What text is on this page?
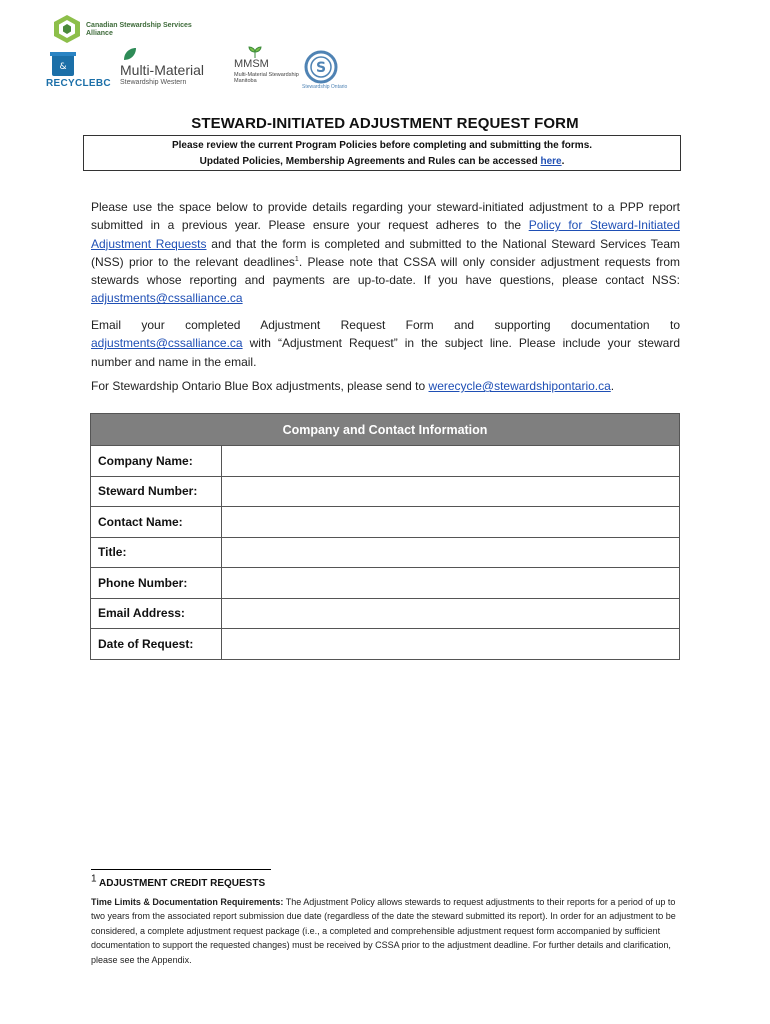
Canadian Stewardship Services Alliance
&
RECYCLEBC
Multi-Material
Stewardship Western
MMSM
Multi-Material Stewardship Manitoba
S
Stewardship Ontario
STEWARD-INITIATED ADJUSTMENT REQUEST FORM
Please review the current Program Policies before completing and submitting the forms.
Updated Policies, Membership Agreements and Rules can be accessed here.
Please use the space below to provide details regarding your steward-initiated adjustment to a PPP report submitted in a previous year. Please ensure your request adheres to the Policy for Steward-Initiated Adjustment Requests and that the form is completed and submitted to the National Steward Services Team (NSS) prior to the relevant deadlines$^1$. Please note that CSSA will only consider adjustment requests from stewards whose reporting and payments are up-to-date. If you have questions, please contact NSS: adjustments@cssalliance.ca
Email your completed Adjustment Request Form and supporting documentation to adjustments@cssalliance.ca with “Adjustment Request” in the subject line. Please include your steward number and name in the email.
For Stewardship Ontario Blue Box adjustments, please send to werecycle@stewardshipontario.ca.
Company and Contact Information	
Company Name:	
Steward Number:	
Contact Name:	
Title:	
Phone Number:	
Email Address:	
Date of Request:	
$^1$ ADJUSTMENT CREDIT REQUESTS
Time Limits & Documentation Requirements: The Adjustment Policy allows stewards to request adjustments to their reports for a period of up to two years from the associated report submission due date (regardless of the date the steward submitted its report). In order for an adjustment to be considered, a complete adjustment request package (i.e., a completed and comprehensible adjustment request form accompanied by sufficient documentation to support the requested changes) must be received by CSSA prior to the adjustment deadline. For further details and clarification, please see the Appendix.
